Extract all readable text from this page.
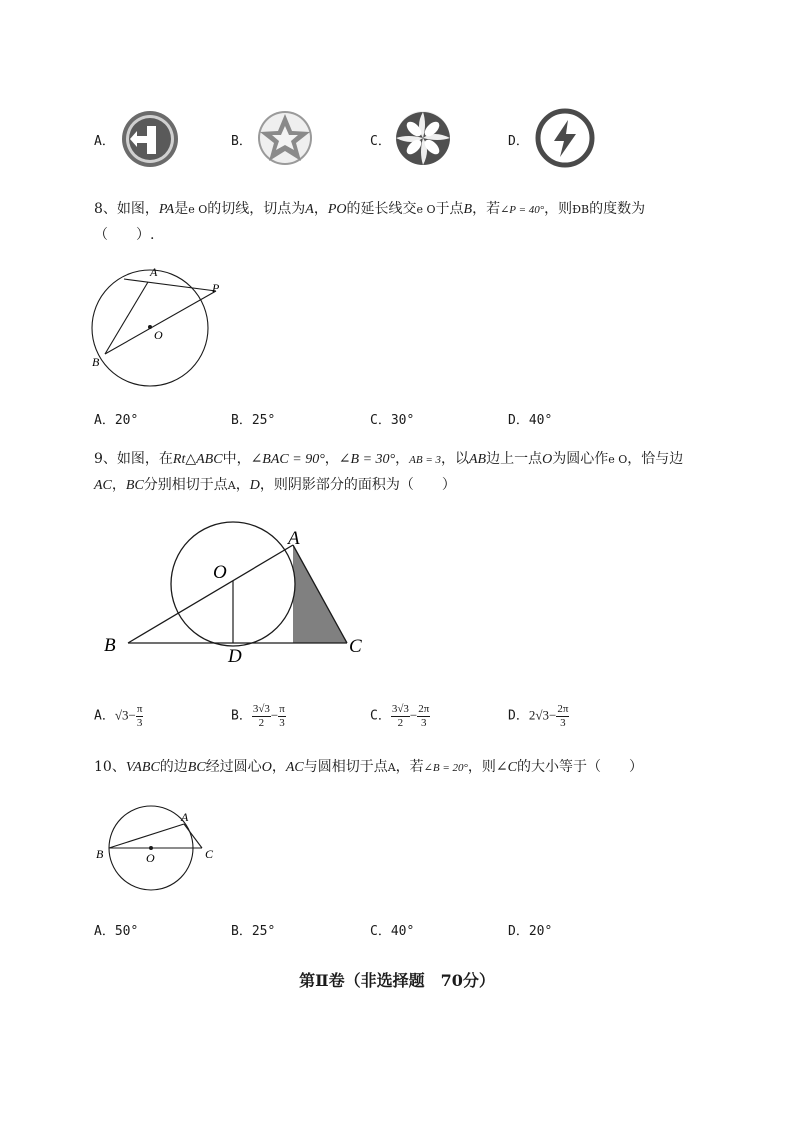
A．	B．	C．	D．
8、如图，PA是e O的切线，切点为A，PO的延长线交e O于点B，若∠P = 40°，则ĐB的度数为
（　　）.
A
P
O
B
A．20°	B．25°	C．30°	D．40°
9、如图，在Rt△ABC中，∠BAC = 90°，∠B = 30°，AB = 3，以AB边上一点O为圆心作e O，恰与边
AC，BC分别相切于点A，D，则阴影部分的面积为（　　）
A
O
B
D	C
A．$√3- \frac{\pi}{3}$	B． $\frac{3√3}{2} - \frac{\pi}{3}$	C． $\frac{3√3}{2} - \frac{2\pi}{3}$	D．$2√3- \frac{2\pi}{3}$
10、VABC的边BC经过圆心O，AC与圆相切于点A，若∠B = 20°，则∠C的大小等于（　　）
A
B	O	C
A．50°	B．25°	C．40°	D．20°
第Ⅱ卷（非选择题　70分）
